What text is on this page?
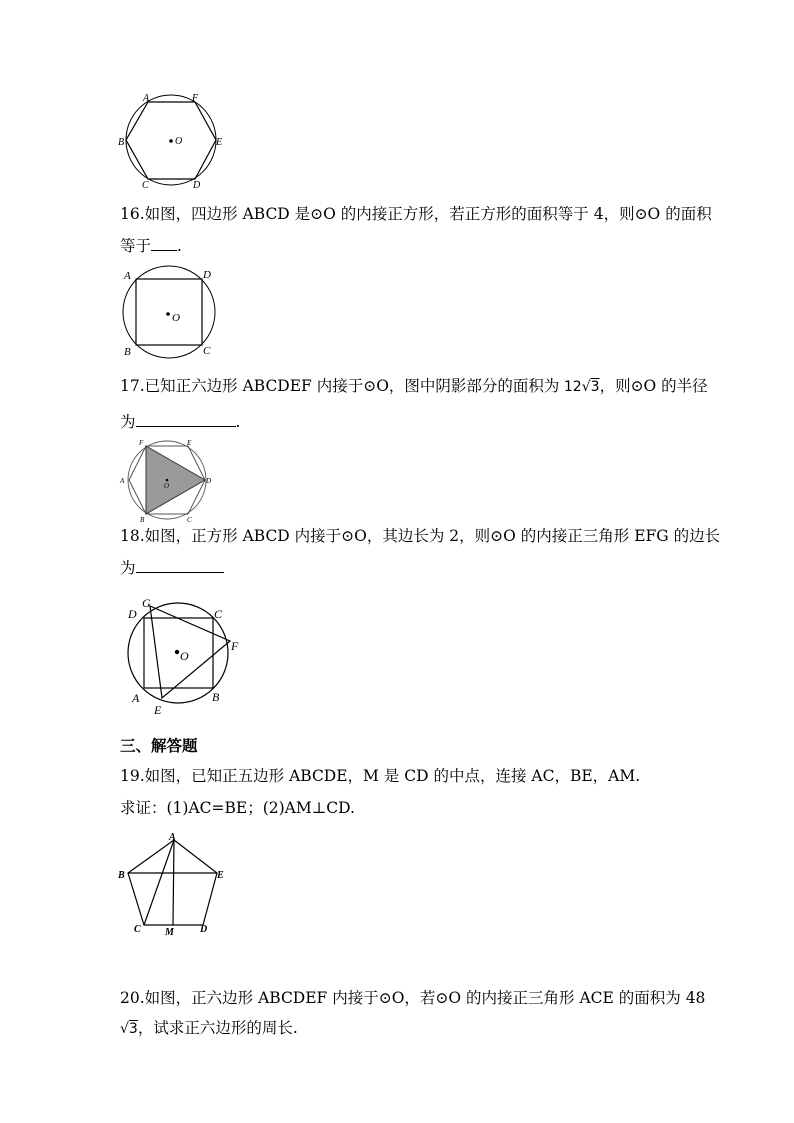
A	F
B	E
C	D
O
16.如图，四边形 ABCD 是⊙O 的内接正方形，若正方形的面积等于 4，则⊙O 的面积
等于 .
A	D
B	C
O
17.已知正六边形 ABCDEF 内接于⊙O，图中阴影部分的面积为 12√3，则⊙O 的半径
为	.
F	E
A	D
B	C
O
18.如图，正方形 ABCD 内接于⊙O，其边长为 2，则⊙O 的内接正三角形 EFG 的边长
为
D
G
C
F
O
A	B
E
三、解答题
19.如图，已知正五边形 ABCDE，M 是 CD 的中点，连接 AC，BE，AM.
求证：(1)AC=BE；(2)AM⊥CD.
A
B	E
C M	D
20.如图，正六边形 ABCDEF 内接于⊙O，若⊙O 的内接正三角形 ACE 的面积为 48
√3，试求正六边形的周长.
